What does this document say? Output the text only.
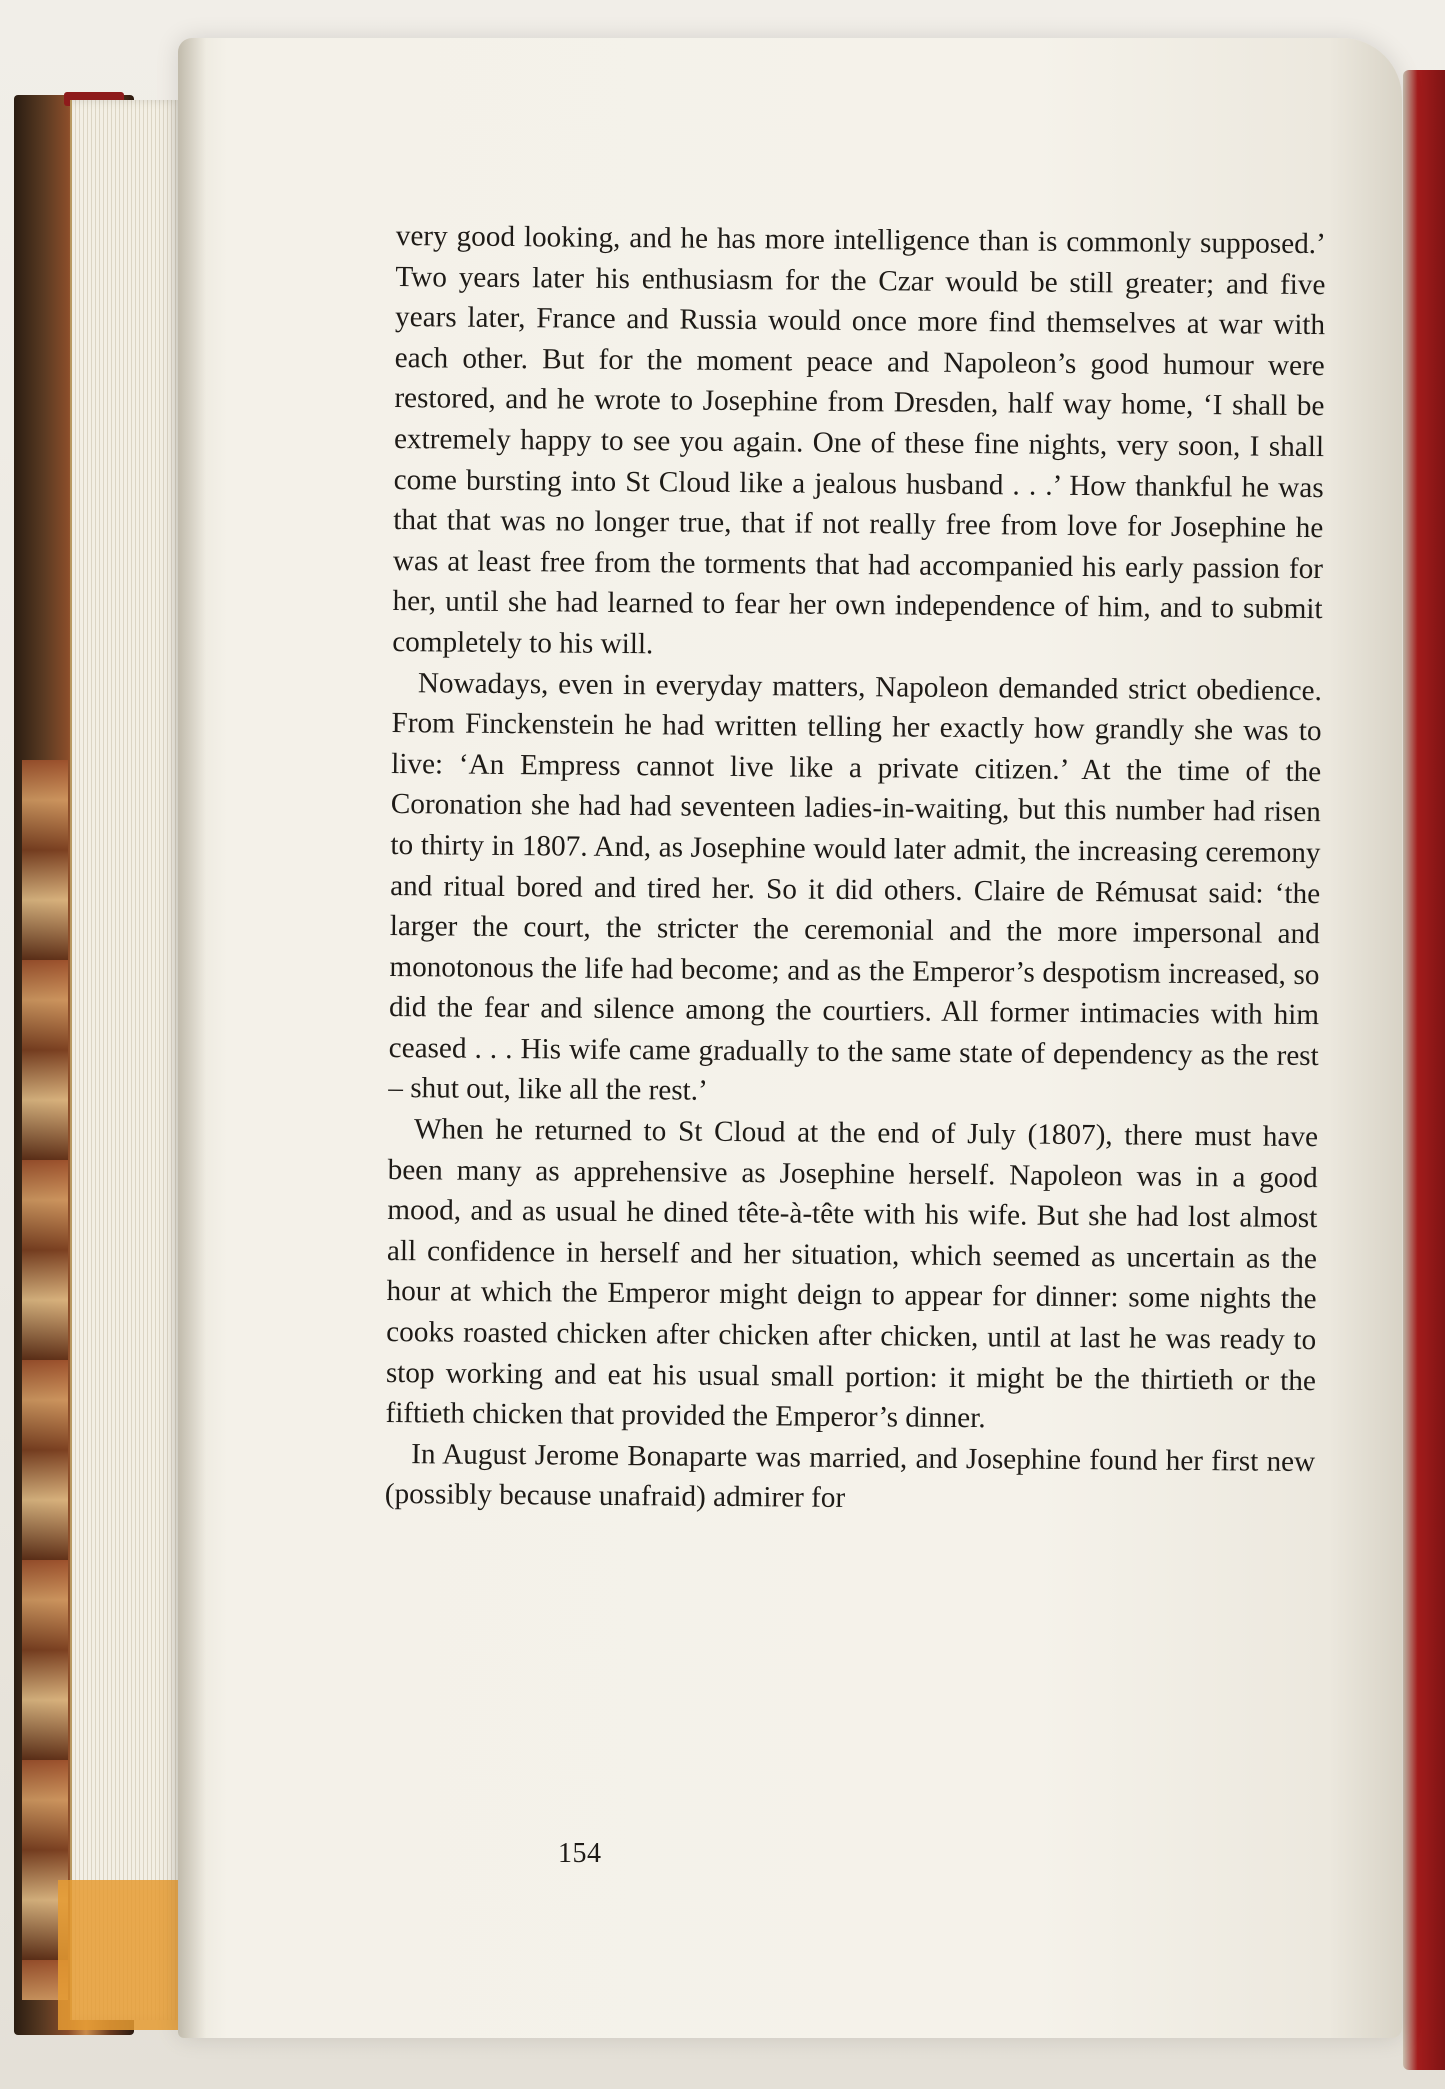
very good looking, and he has more intelligence than is commonly supposed.’ Two years later his enthusiasm for the Czar would be still greater; and five years later, France and Russia would once more find themselves at war with each other. But for the moment peace and Napoleon’s good humour were restored, and he wrote to Josephine from Dresden, half way home, ‘I shall be extremely happy to see you again. One of these fine nights, very soon, I shall come bursting into St Cloud like a jealous husband . . .’ How thankful he was that that was no longer true, that if not really free from love for Josephine he was at least free from the torments that had accompanied his early passion for her, until she had learned to fear her own independence of him, and to submit completely to his will.

Nowadays, even in everyday matters, Napoleon demanded strict obedience. From Finckenstein he had written telling her exactly how grandly she was to live: ‘An Empress cannot live like a private citizen.’ At the time of the Coronation she had had seventeen ladies-in-waiting, but this number had risen to thirty in 1807. And, as Josephine would later admit, the increasing ceremony and ritual bored and tired her. So it did others. Claire de Rémusat said: ‘the larger the court, the stricter the ceremonial and the more impersonal and monotonous the life had become; and as the Emperor’s despotism increased, so did the fear and silence among the courtiers. All former intimacies with him ceased . . . His wife came gradually to the same state of dependency as the rest – shut out, like all the rest.’

When he returned to St Cloud at the end of July (1807), there must have been many as apprehensive as Josephine herself. Napoleon was in a good mood, and as usual he dined tête-à-tête with his wife. But she had lost almost all confidence in herself and her situation, which seemed as uncertain as the hour at which the Emperor might deign to appear for dinner: some nights the cooks roasted chicken after chicken after chicken, until at last he was ready to stop working and eat his usual small portion: it might be the thirtieth or the fiftieth chicken that provided the Emperor’s dinner.

In August Jerome Bonaparte was married, and Josephine found her first new (possibly because unafraid) admirer for

154
